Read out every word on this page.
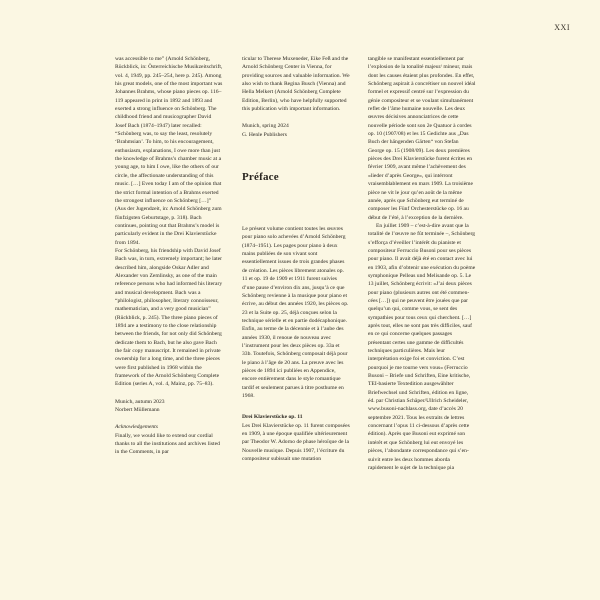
XXI

was accessible to me” (Arnold Schönberg, Rückblick, in: Österreichische Musikzeitschrift, vol. 4, 1949, pp. 245–254, here p. 245). Among his great models, one of the most important was Johannes Brahms, whose piano pieces op. 116–119 appeared in print in 1892 and 1893 and exerted a strong influence on Schönberg. The childhood friend and musicographer David Josef Bach (1874–1947) later recalled: “Schönberg was, to say the least, resolutely ‘Brahmsian’. To him, to his encouragement, enthusiasm, explanations, I owe more than just the knowledge of Brahms’s chamber music at a young age, to him I owe, like the others of our circle, the affectionate understanding of this music. […] Even today I am of the opinion that the strict formal intention of a Brahms exerted the strongest influence on Schönberg […]” (Aus der Jugendzeit, in: Arnold Schönberg zum fünfzigsten Geburtstage, p. 318). Bach continues, pointing out that Brahms’s model is particularly evident in the Drei Klavierstücke from 1894.

For Schönberg, his friendship with David Josef Bach was, in turn, extremely important; he later described him, alongside Oskar Adler and Alexander von Zemlinsky, as one of the main reference persons who had informed his literary and musical development. Bach was a “philologist, philosopher, literary connoisseur, mathematician, and a very good musician” (Rückblick, p. 245). The three piano pieces of 1894 are a testimony to the close relationship between the friends, for not only did Schönberg dedicate them to Bach, but he also gave Bach the fair copy manuscript. It remained in private ownership for a long time, and the three pieces were first published in 1968 within the framework of the Arnold Schönberg Complete Edition (series A, vol. 4, Mainz, pp. 75–83).

Munich, autumn 2023

Norbert Müllemann

Acknowledgements

Finally, we would like to extend our cordial thanks to all the institutions and archives listed in the Comments, in par

ticular to Therese Muxeneder, Eike Feß and the Arnold Schönberg Center in Vienna, for providing sources and valuable information. We also wish to thank Regina Busch (Vienna) and Hella Melkert (Arnold Schönberg Complete Edition, Berlin), who have helpfully supported this publication with important information.

Munich, spring 2024
G. Henle Publishers

Préface

Le présent volume contient toutes les œuvres pour piano solo achevées d’Arnold Schönberg (1874–1951). Les pages pour piano à deux mains publiées de son vivant sont essentiellement issues de trois grandes phases de création. Les pièces librement atonales op. 11 et op. 19 de 1909 et 1911 furent suivies d’une pause d’environ dix ans, jusqu’à ce que Schönberg revienne à la musique pour piano et écrive, au début des années 1920, les pièces op. 23 et la Suite op. 25, déjà conçues selon la technique sérielle et en partie dodécaphonique. Enfin, au terme de la décennie et à l’aube des années 1930, il renoue de nouveau avec l’instrument pour les deux pièces op. 33a et 33b. Toutefois, Schönberg composait déjà pour le piano à l’âge de 20 ans. La preuve avec les pièces de 1894 ici publiées en Appendice, encore entièrement dans le style romantique tardif et seulement parues à titre posthume en 1968.

Drei Klavierstücke op. 11

Les Drei Klavierstücke op. 11 furent composées en 1909, à une époque qualifiée ultérieurement par Theodor W. Adorno de phase héroïque de la Nouvelle musique. Depuis 1907, l’écriture du compositeur subissait une mutation

tangible se manifestant essentiellement par l’explosion de la tonalité majeur/ mineur, mais dont les causes étaient plus profondes. En effet, Schönberg aspirait à concrétiser un nouvel idéal formel et expressif centré sur l’expression du génie compositeur et se voulant simultanément reflet de l’âme humaine nouvelle. Les deux œuvres décisives annonciatrices de cette nouvelle période sont son 2e Quatuor à cordes op. 10 (1907/08) et les 15 Gedichte aus „Das Buch der hängenden Gärten“ von Stefan George op. 15 (1908/09). Les deux premières pièces des Drei Klavierstücke furent écrites en février 1909, avant même l’achèvement des «lieder d’après George», qui intérront vraisemblablement en mars 1909. La troisième pièce ne vit le jour qu’en août de la même année, après que Schönberg eut terminé de composer les Fünf Orchesterstücke op. 16 au début de l’été, à l’exception de la dernière.

En juillet 1909 – c’est-à-dire avant que la totalité de l’œuvre ne fût terminée –, Schönberg s’efforça d’éveiller l’intérêt du pianiste et compositeur Ferruccio Busoni pour ses pièces pour piano. Il avait déjà été en contact avec lui en 1903, afin d’obtenir une exécution du poème symphonique Pelleas und Melisande op. 5. Le 13 juillet, Schönberg écrivit: «J’ai deux pièces pour piano (plusieurs autres ont été commencées […]) qui ne peuvent être jouées que par quelqu’un qui, comme vous, se sent des sympathies pour tous ceux qui cherchent. […] après tout, elles ne sont pas très difficiles, sauf en ce qui concerne quelques passages présentant certes une gamme de difficultés techniques particulières. Mais leur interprétation exige foi et conviction. C’est pourquoi je me tourne vers vous» (Ferruccio Busoni – Briefe und Schriften, Eine kritische, TEI-basierte Textedition ausgewählter Briefwechsel und Schriften, édition en ligne, éd. par Christian Schäper/Ullrich Scheideler, www.busoni-nachlass.org, date d’accès 20 septembre 2021. Tous les extraits de lettres concernant l’opus 11 ci-dessous d’après cette édition). Après que Busoni eut exprimé son intérêt et que Schönberg lui eut envoyé les pièces, l’abondante correspondance qui s’ensuivit entre les deux hommes aborda rapidement le sujet de la technique pia
